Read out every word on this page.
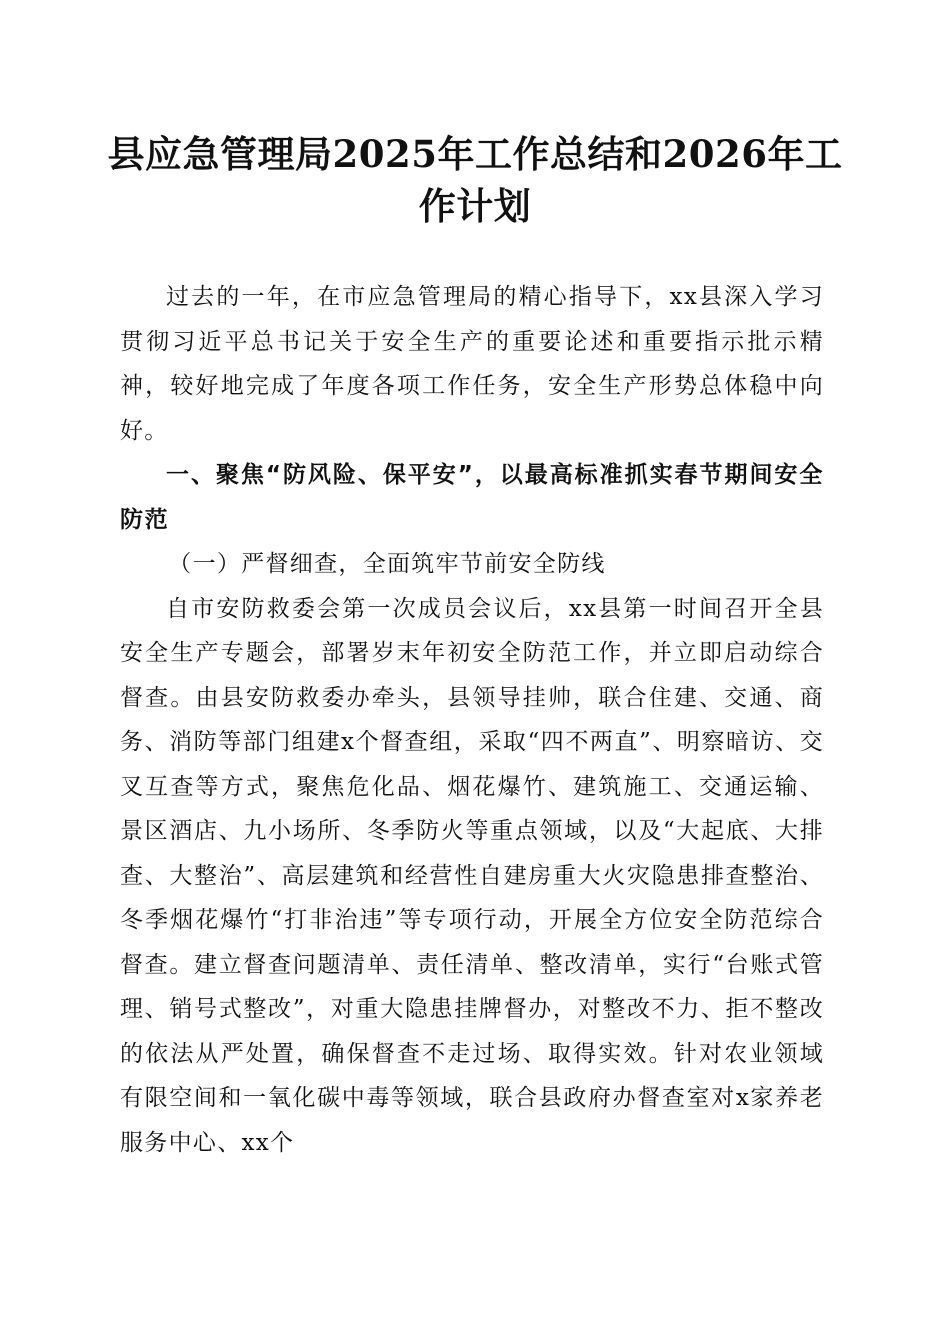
县应急管理局2025年工作总结和2026年工作计划

过去的一年，在市应急管理局的精心指导下，xx县深入学习贯彻习近平总书记关于安全生产的重要论述和重要指示批示精神，较好地完成了年度各项工作任务，安全生产形势总体稳中向好。

一、聚焦“防风险、保平安”，以最高标准抓实春节期间安全防范

（一）严督细查，全面筑牢节前安全防线

自市安防救委会第一次成员会议后，xx县第一时间召开全县安全生产专题会，部署岁末年初安全防范工作，并立即启动综合督查。由县安防救委办牵头，县领导挂帅，联合住建、交通、商务、消防等部门组建x个督查组，采取“四不两直”、明察暗访、交叉互查等方式，聚焦危化品、烟花爆竹、建筑施工、交通运输、景区酒店、九小场所、冬季防火等重点领域，以及“大起底、大排查、大整治”、高层建筑和经营性自建房重大火灾隐患排查整治、冬季烟花爆竹“打非治违”等专项行动，开展全方位安全防范综合督查。建立督查问题清单、责任清单、整改清单，实行“台账式管理、销号式整改”，对重大隐患挂牌督办，对整改不力、拒不整改的依法从严处置，确保督查不走过场、取得实效。针对农业领域有限空间和一氧化碳中毒等领域，联合县政府办督查室对x家养老服务中心、xx个
